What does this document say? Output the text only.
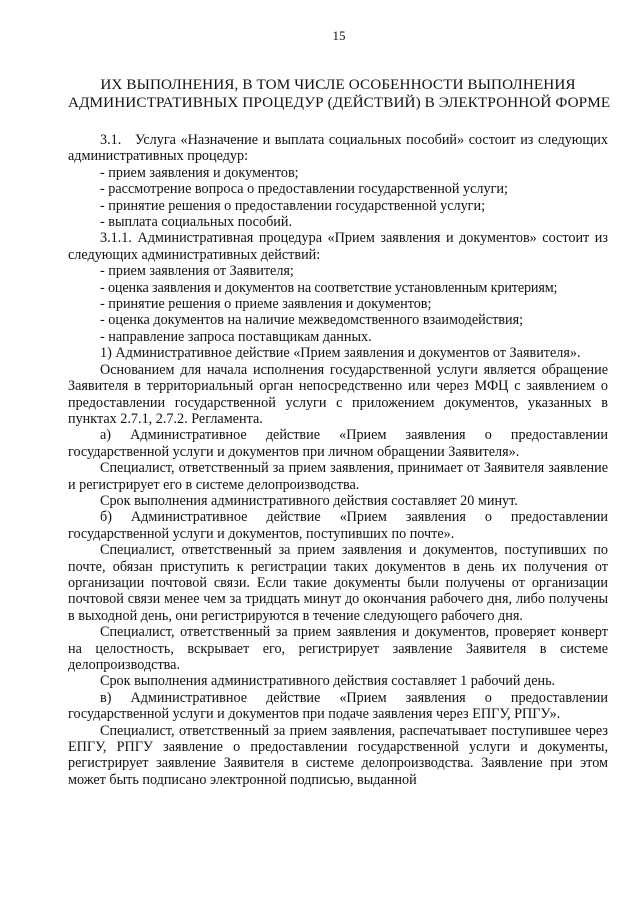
15
ИХ ВЫПОЛНЕНИЯ, В ТОМ ЧИСЛЕ ОСОБЕННОСТИ ВЫПОЛНЕНИЯ
АДМИНИСТРАТИВНЫХ ПРОЦЕДУР (ДЕЙСТВИЙ) В ЭЛЕКТРОННОЙ ФОРМЕ

3.1.   Услуга «Назначение и выплата социальных пособий» состоит из следующих административных процедур:

- прием заявления и документов;

- рассмотрение вопроса о предоставлении государственной услуги;

- принятие решения о предоставлении государственной услуги;

- выплата социальных пособий.

3.1.1. Административная процедура «Прием заявления и документов» состоит из следующих административных действий:

- прием заявления от Заявителя;

- оценка заявления и документов на соответствие установленным критериям;

- принятие решения о приеме заявления и документов;

- оценка документов на наличие межведомственного взаимодействия;

- направление запроса поставщикам данных.

1) Административное действие «Прием заявления и документов от Заявителя».

Основанием для начала исполнения государственной услуги является обращение Заявителя в территориальный орган непосредственно или через МФЦ с заявлением о предоставлении государственной услуги с приложением документов, указанных в пунктах 2.7.1, 2.7.2. Регламента.

а) Административное действие «Прием заявления о предоставлении государственной услуги и документов при личном обращении Заявителя».

Специалист, ответственный за прием заявления, принимает от Заявителя заявление и регистрирует его в системе делопроизводства.

Срок выполнения административного действия составляет 20 минут.

б) Административное действие «Прием заявления о предоставлении государственной услуги и документов, поступивших по почте».

Специалист, ответственный за прием заявления и документов, поступивших по почте, обязан приступить к регистрации таких документов в день их получения от организации почтовой связи. Если такие документы были получены от организации почтовой связи менее чем за тридцать минут до окончания рабочего дня, либо получены в выходной день, они регистрируются в течение следующего рабочего дня.

Специалист, ответственный за прием заявления и документов, проверяет конверт на целостность, вскрывает его, регистрирует заявление Заявителя в системе делопроизводства.

Срок выполнения административного действия составляет 1 рабочий день.

в) Административное действие «Прием заявления о предоставлении государственной услуги и документов при подаче заявления через ЕПГУ, РПГУ».

Специалист, ответственный за прием заявления, распечатывает поступившее через ЕПГУ, РПГУ заявление о предоставлении государственной услуги и документы, регистрирует заявление Заявителя в системе делопроизводства. Заявление при этом может быть подписано электронной подписью, выданной
